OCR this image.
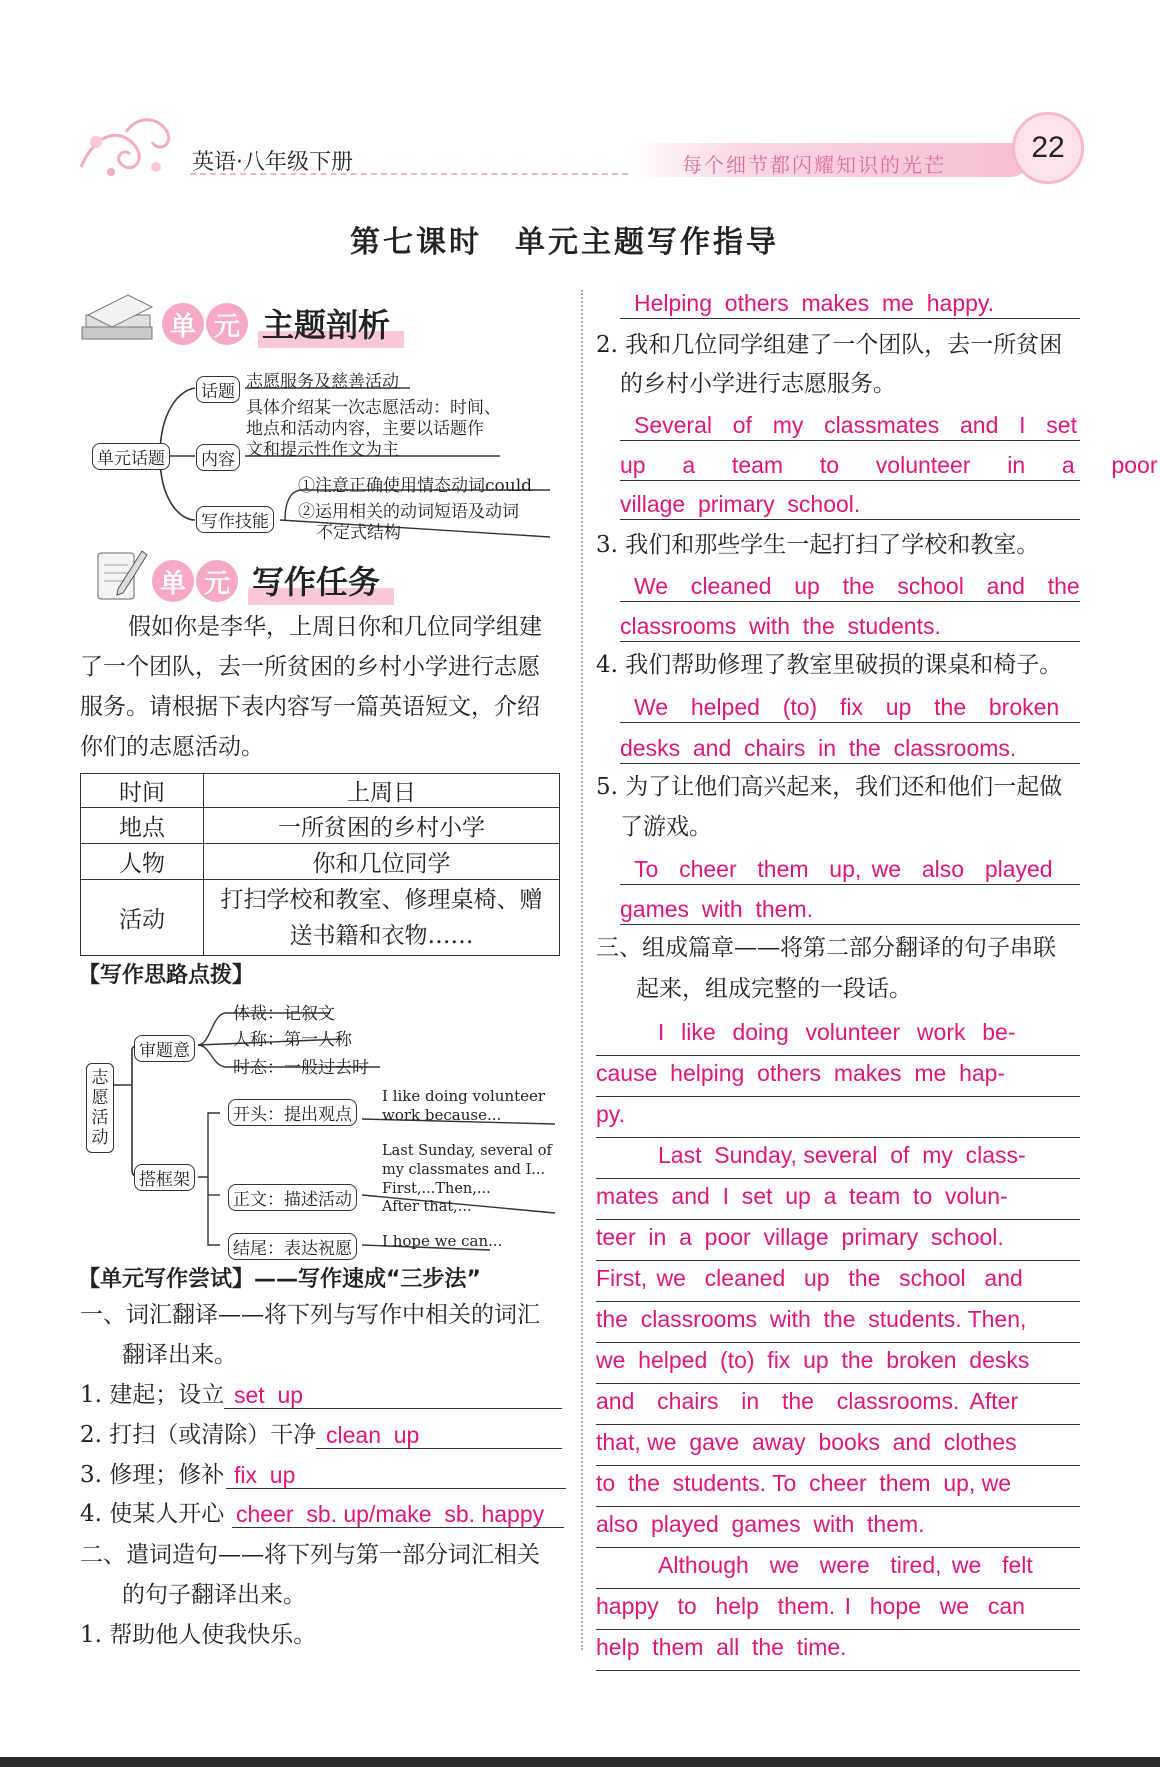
英语·八年级下册	每个细节都闪耀知识的光芒
22
第七课时　单元主题写作指导
单 元 主题剖析
单元话题
话题 志愿服务及慈善活动
内容
具体介绍某一次志愿活动：时间、
地点和活动内容，主要以话题作
文和提示性作文为主
写作技能
①注意正确使用情态动词could
②运用相关的动词短语及动词
不定式结构
单 元 写作任务
假如你是李华，上周日你和几位同学组建
了一个团队，去一所贫困的乡村小学进行志愿
服务。请根据下表内容写一篇英语短文，介绍
你们的志愿活动。
时间	上周日
地点	一所贫困的乡村小学
人物	你和几位同学
活动	打扫学校和教室、修理桌椅、赠
送书籍和衣物……
【写作思路点拨】
志愿活动
审题意
体裁：记叙文
人称：第一人称
时态：一般过去时
搭框架
开头：提出观点
正文：描述活动
结尾：表达祝愿
I like doing volunteer
work because...
Last Sunday, several of
my classmates and I...
First,...Then,...
After that,...
I hope we can...
【单元写作尝试】——写作速成“三步法”
一、词汇翻译——将下列与写作中相关的词汇
翻译出来。
1. 建起；设立 set  up
2. 打扫（或清除）干净 clean  up
3. 修理；修补 fix  up
4. 使某人开心 cheer  sb. up/make  sb. happy
二、遣词造句——将下列与第一部分词汇相关
的句子翻译出来。
1. 帮助他人使我快乐。
Helping  others  makes  me  happy.
2. 我和几位同学组建了一个团队，去一所贫困
的乡村小学进行志愿服务。
Several  of  my  classmates  and  I  set
up  a  team  to  volunteer  in  a  poor
village  primary  school.
3. 我们和那些学生一起打扫了学校和教室。
We  cleaned  up  the  school  and  the
classrooms  with  the  students.
4. 我们帮助修理了教室里破损的课桌和椅子。
We  helped  (to)  fix  up  the  broken
desks  and  chairs  in  the  classrooms.
5. 为了让他们高兴起来，我们还和他们一起做
了游戏。
To  cheer  them  up, we  also  played
games  with  them.
三、组成篇章——将第二部分翻译的句子串联
起来，组成完整的一段话。
I  like  doing  volunteer  work  be-
cause  helping  others  makes  me  hap-
py.
Last  Sunday, several  of  my  class-
mates  and  I  set  up  a  team  to  volun-
teer  in  a  poor  village  primary  school.
First, we  cleaned  up  the  school  and
the  classrooms  with  the  students. Then,
we  helped  (to)  fix  up  the  broken  desks
and  chairs  in  the  classrooms. After
that, we  gave  away  books  and  clothes
to  the  students. To  cheer  them  up, we
also  played  games  with  them.
Although  we  were  tired, we  felt
happy  to  help  them. I  hope  we  can
help  them  all  the  time.
